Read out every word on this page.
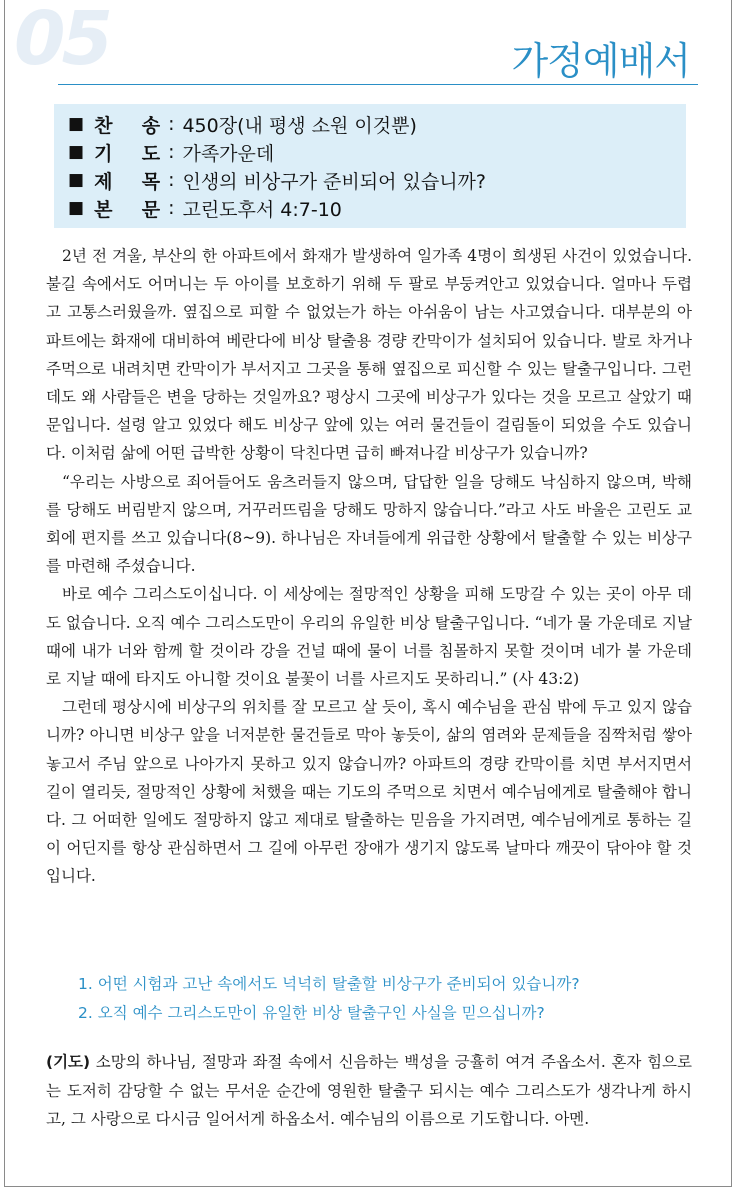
05	가정예배서
■ 찬 송 : 450장(내 평생 소원 이것뿐)
■ 기 도 : 가족가운데
■ 제 목 : 인생의 비상구가 준비되어 있습니까?
■ 본 문 : 고린도후서 4:7-10

2년 전 겨울, 부산의 한 아파트에서 화재가 발생하여 일가족 4명이 희생된 사건이 있었습니다. 불길 속에서도 어머니는 두 아이를 보호하기 위해 두 팔로 부둥켜안고 있었습니다. 얼마나 두렵고 고통스러웠을까. 옆집으로 피할 수 없었는가 하는 아쉬움이 남는 사고였습니다. 대부분의 아파트에는 화재에 대비하여 베란다에 비상 탈출용 경량 칸막이가 설치되어 있습니다. 발로 차거나 주먹으로 내려치면 칸막이가 부서지고 그곳을 통해 옆집으로 피신할 수 있는 탈출구입니다. 그런데도 왜 사람들은 변을 당하는 것일까요? 평상시 그곳에 비상구가 있다는 것을 모르고 살았기 때문입니다. 설령 알고 있었다 해도 비상구 앞에 있는 여러 물건들이 걸림돌이 되었을 수도 있습니다. 이처럼 삶에 어떤 급박한 상황이 닥친다면 급히 빠져나갈 비상구가 있습니까?

“우리는 사방으로 죄어들어도 움츠러들지 않으며, 답답한 일을 당해도 낙심하지 않으며, 박해를 당해도 버림받지 않으며, 거꾸러뜨림을 당해도 망하지 않습니다.”라고 사도 바울은 고린도 교회에 편지를 쓰고 있습니다(8~9). 하나님은 자녀들에게 위급한 상황에서 탈출할 수 있는 비상구를 마련해 주셨습니다.

바로 예수 그리스도이십니다. 이 세상에는 절망적인 상황을 피해 도망갈 수 있는 곳이 아무 데도 없습니다. 오직 예수 그리스도만이 우리의 유일한 비상 탈출구입니다. “네가 물 가운데로 지날 때에 내가 너와 함께 할 것이라 강을 건널 때에 물이 너를 침몰하지 못할 것이며 네가 불 가운데로 지날 때에 타지도 아니할 것이요 불꽃이 너를 사르지도 못하리니.” (사 43:2)

그런데 평상시에 비상구의 위치를 잘 모르고 살 듯이, 혹시 예수님을 관심 밖에 두고 있지 않습니까? 아니면 비상구 앞을 너저분한 물건들로 막아 놓듯이, 삶의 염려와 문제들을 짐짝처럼 쌓아 놓고서 주님 앞으로 나아가지 못하고 있지 않습니까? 아파트의 경량 칸막이를 치면 부서지면서 길이 열리듯, 절망적인 상황에 처했을 때는 기도의 주먹으로 치면서 예수님에게로 탈출해야 합니다. 그 어떠한 일에도 절망하지 않고 제대로 탈출하는 믿음을 가지려면, 예수님에게로 통하는 길이 어딘지를 항상 관심하면서 그 길에 아무런 장애가 생기지 않도록 날마다 깨끗이 닦아야 할 것입니다.

1. 어떤 시험과 고난 속에서도 넉넉히 탈출할 비상구가 준비되어 있습니까?
2. 오직 예수 그리스도만이 유일한 비상 탈출구인 사실을 믿으십니까?
(기도) 소망의 하나님, 절망과 좌절 속에서 신음하는 백성을 긍휼히 여겨 주옵소서. 혼자 힘으로는 도저히 감당할 수 없는 무서운 순간에 영원한 탈출구 되시는 예수 그리스도가 생각나게 하시고, 그 사랑으로 다시금 일어서게 하옵소서. 예수님의 이름으로 기도합니다. 아멘.
